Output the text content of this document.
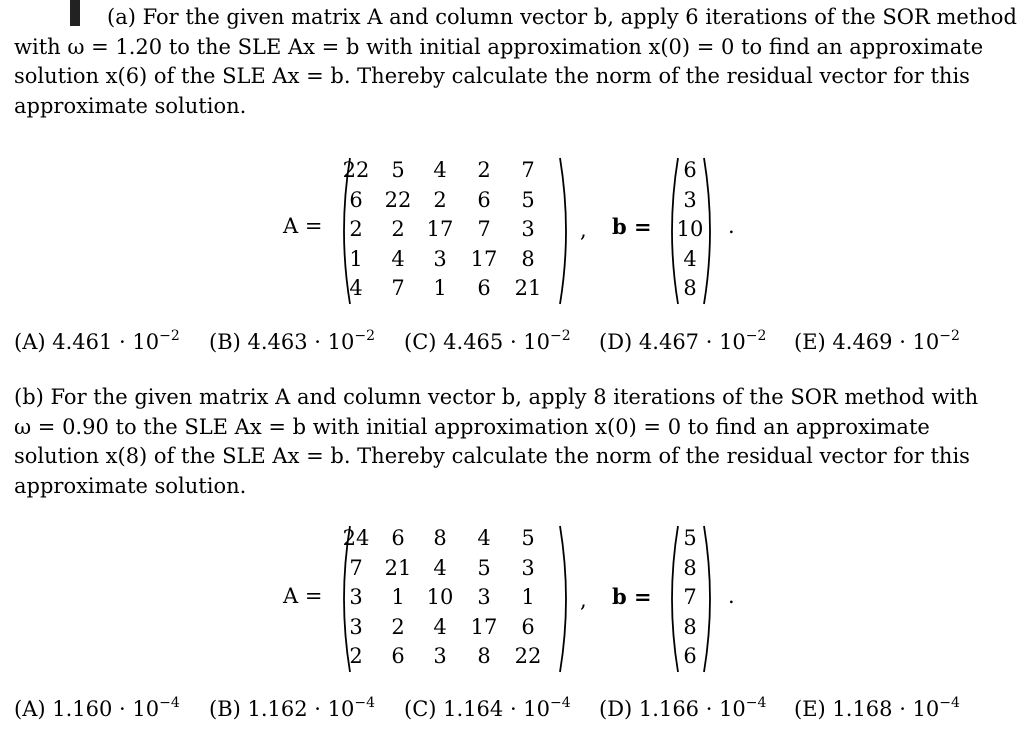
(a) For the given matrix A and column vector b, apply 6 iterations of the SOR method
with ω = 1.20 to the SLE Ax = b with initial approximation x(0) = 0 to find an approximate
solution x(6) of the SLE Ax = b. Thereby calculate the norm of the residual vector for this
approximate solution.
A =
22	5	4	2	7
6	22	2	6	5
2	2	17	7	3
1	4	3	17	8
4	7	1	6	21
, b =
6
3
10
4
8
.
(A) $4.461 \cdot 10^{-2}$ (B) $4.463 \cdot 10^{-2}$ (C) $4.465 \cdot 10^{-2}$ (D) $4.467 \cdot 10^{-2}$ (E) $4.469 \cdot 10^{-2}$
(b) For the given matrix A and column vector b, apply 8 iterations of the SOR method with
ω = 0.90 to the SLE Ax = b with initial approximation x(0) = 0 to find an approximate
solution x(8) of the SLE Ax = b. Thereby calculate the norm of the residual vector for this
approximate solution.
A =
24	6	8	4	5
7	21	4	5	3
3	1	10	3	1
3	2	4	17	6
2	6	3	8	22
, b =
5
8
7
8
6
.
(A) $1.160 \cdot 10^{-4}$ (B) $1.162 \cdot 10^{-4}$ (C) $1.164 \cdot 10^{-4}$ (D) $1.166 \cdot 10^{-4}$ (E) $1.168 \cdot 10^{-4}$
